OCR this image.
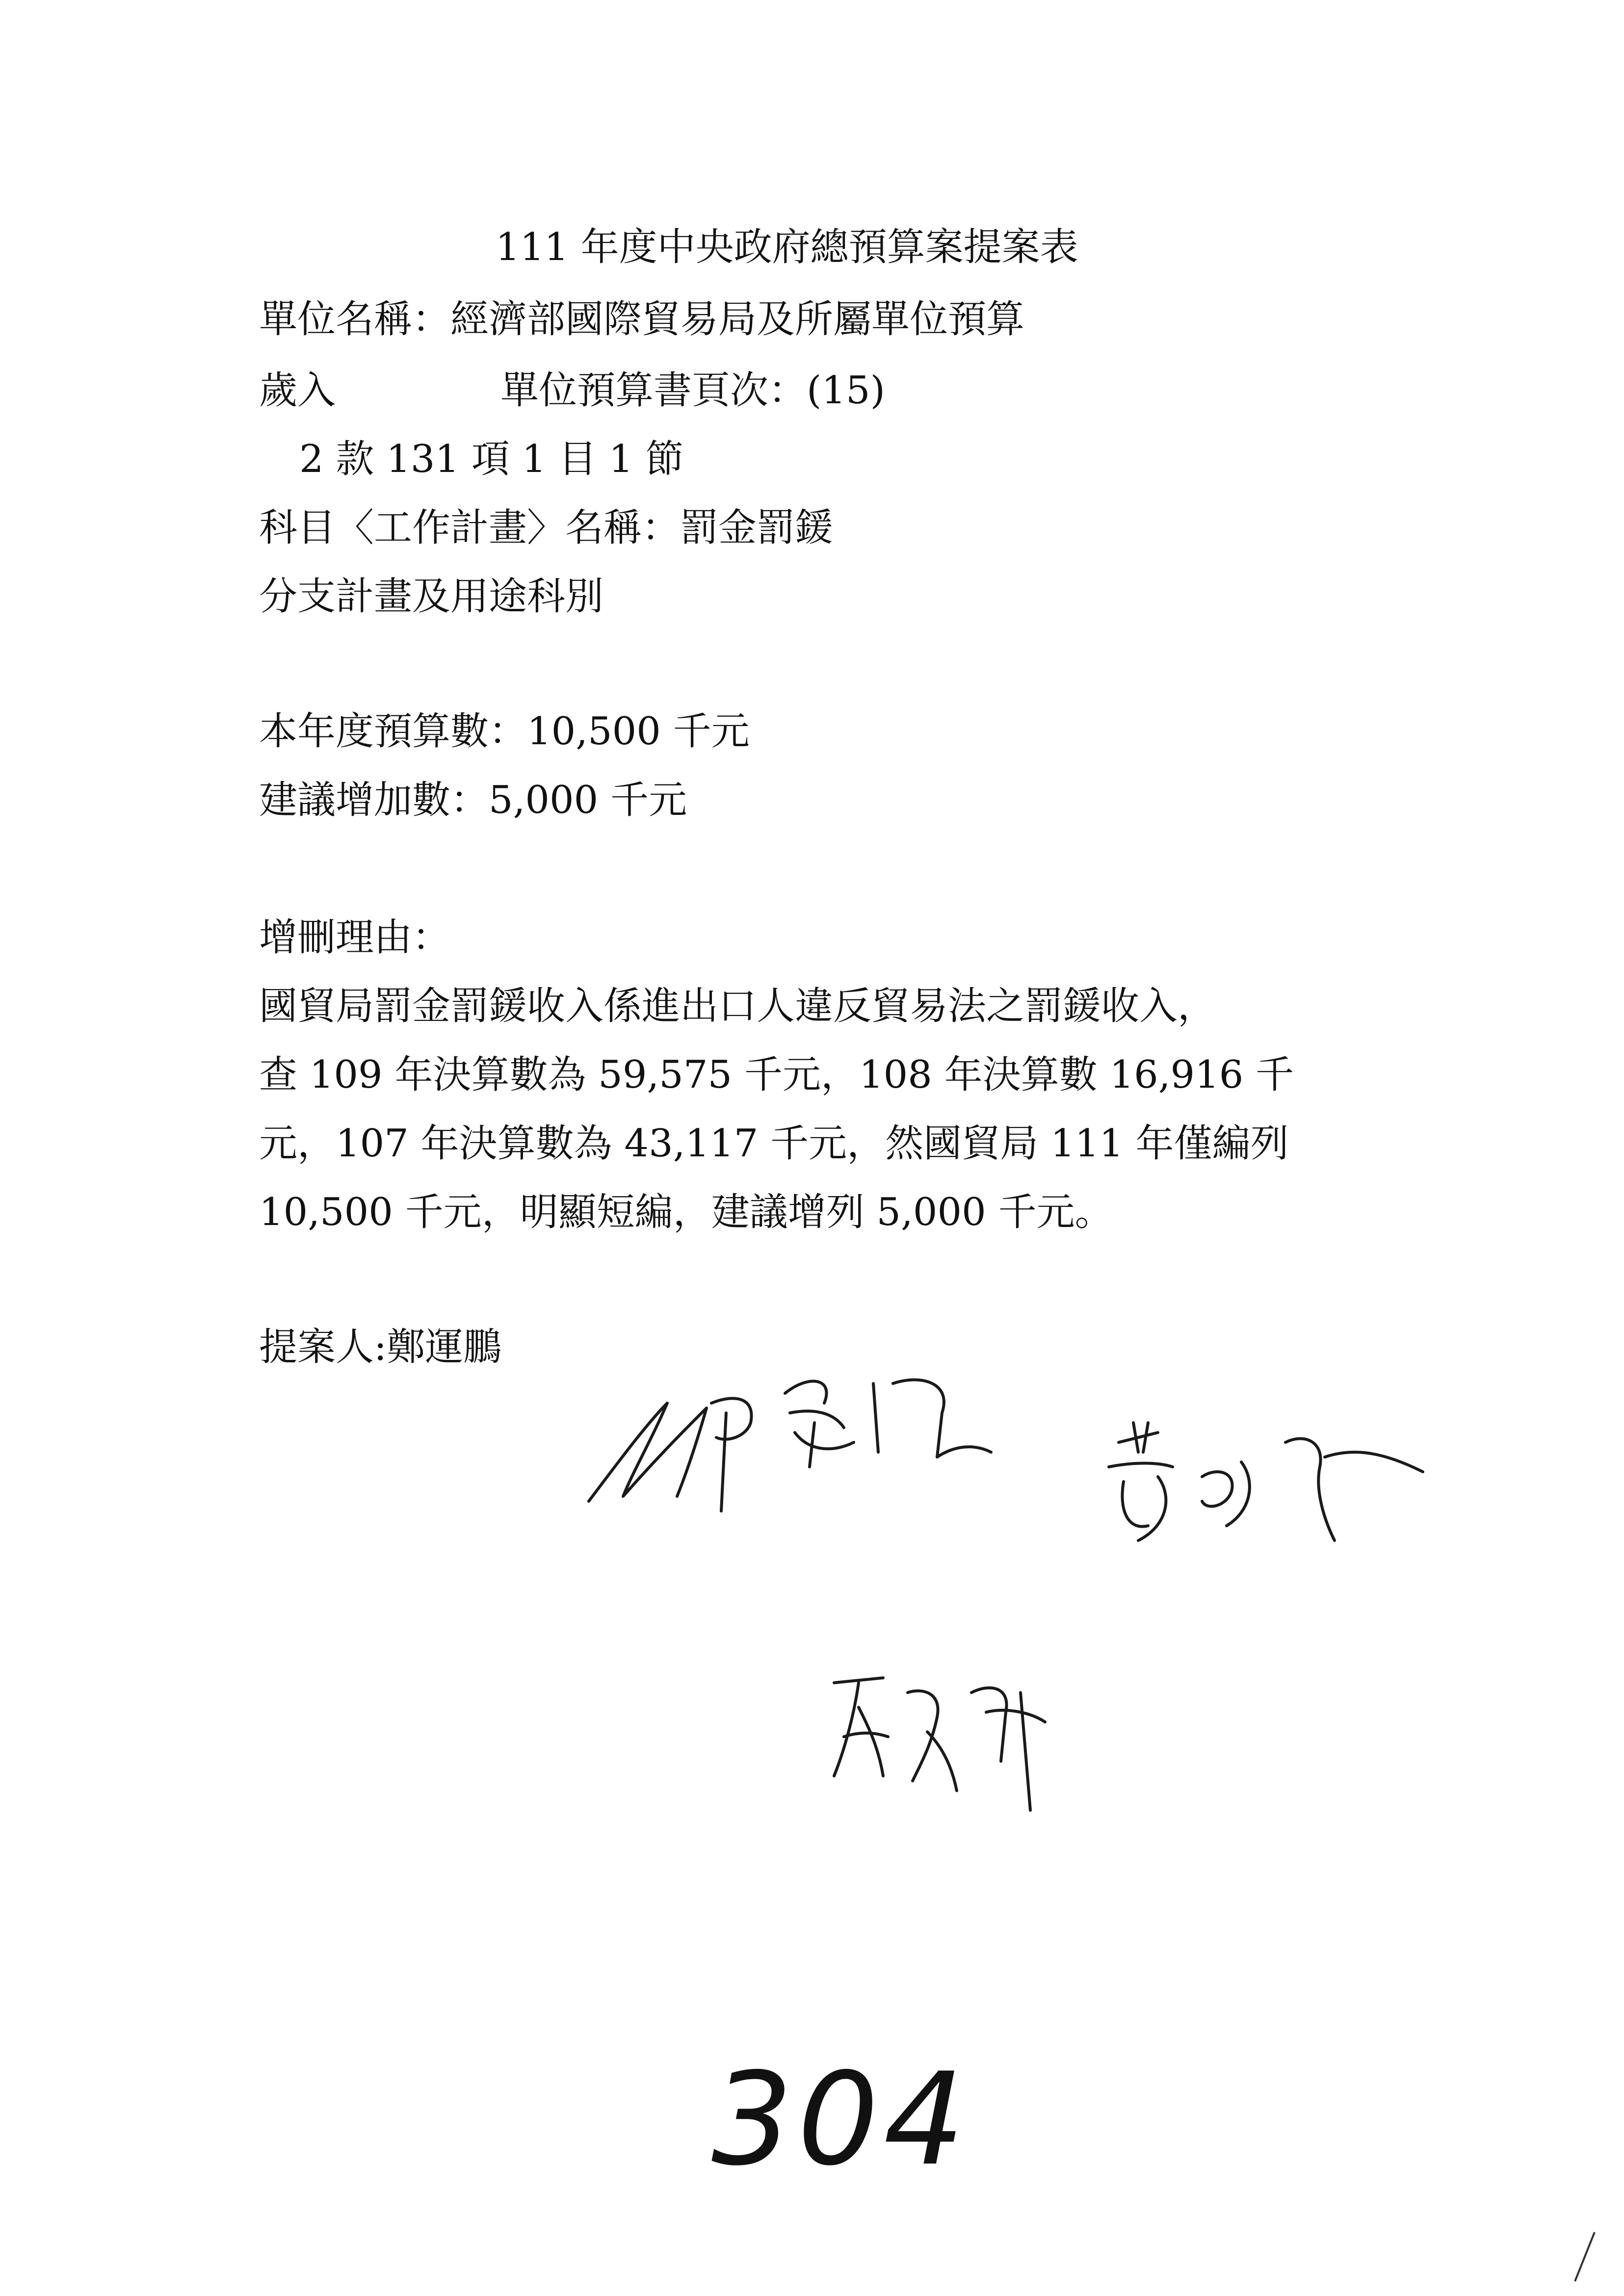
111 年度中央政府總預算案提案表

單位名稱：經濟部國際貿易局及所屬單位預算

歲入	單位預算書頁次：(15)

2 款 131 項 1 目 1 節

科目〈工作計畫〉名稱：罰金罰鍰

分支計畫及用途科別

本年度預算數：10,500 千元

建議增加數：5,000 千元

增刪理由：

國貿局罰金罰鍰收入係進出口人違反貿易法之罰鍰收入，

查 109 年決算數為 59,575 千元，108 年決算數 16,916 千

元，107 年決算數為 43,117 千元，然國貿局 111 年僅編列

10,500 千元，明顯短編，建議增列 5,000 千元。

提案人:鄭運鵬

304
